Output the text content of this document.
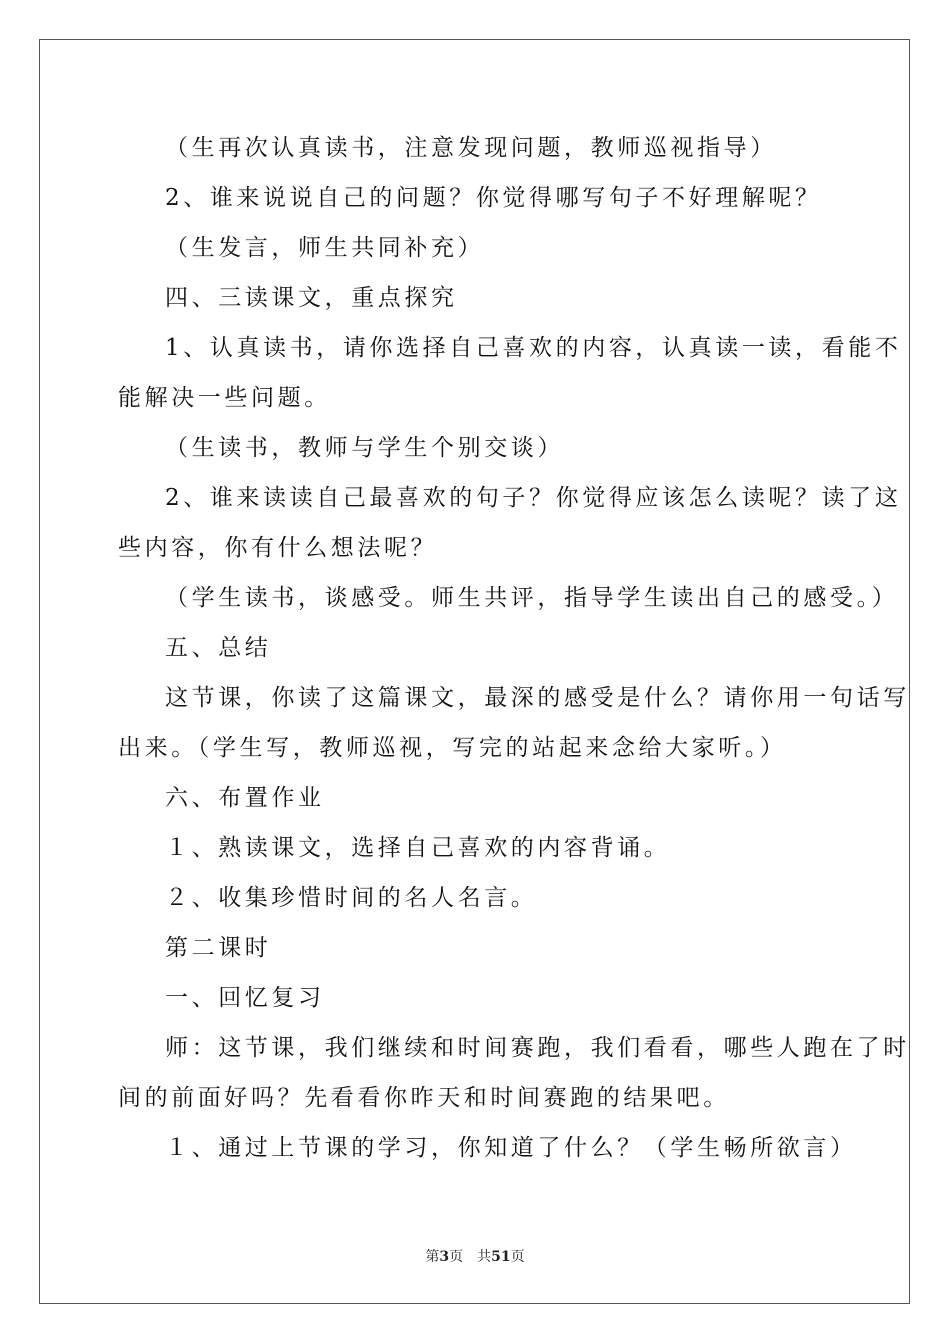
（生再次认真读书，注意发现问题，教师巡视指导）
2、谁来说说自己的问题？你觉得哪写句子不好理解呢？
（生发言，师生共同补充）
四、三读课文，重点探究
1、认真读书，请你选择自己喜欢的内容，认真读一读，看能不
能解决一些问题。
（生读书，教师与学生个别交谈）
2、谁来读读自己最喜欢的句子？你觉得应该怎么读呢？读了这
些内容，你有什么想法呢？
（学生读书，谈感受。师生共评，指导学生读出自己的感受。）
五、总结
这节课，你读了这篇课文，最深的感受是什么？请你用一句话写
出来。（学生写，教师巡视，写完的站起来念给大家听。）
六、布置作业
１、熟读课文，选择自己喜欢的内容背诵。
２、收集珍惜时间的名人名言。
第二课时
一、回忆复习
师：这节课，我们继续和时间赛跑，我们看看，哪些人跑在了时
间的前面好吗？先看看你昨天和时间赛跑的结果吧。
１、通过上节课的学习，你知道了什么？（学生畅所欲言）
第3页 共51页
